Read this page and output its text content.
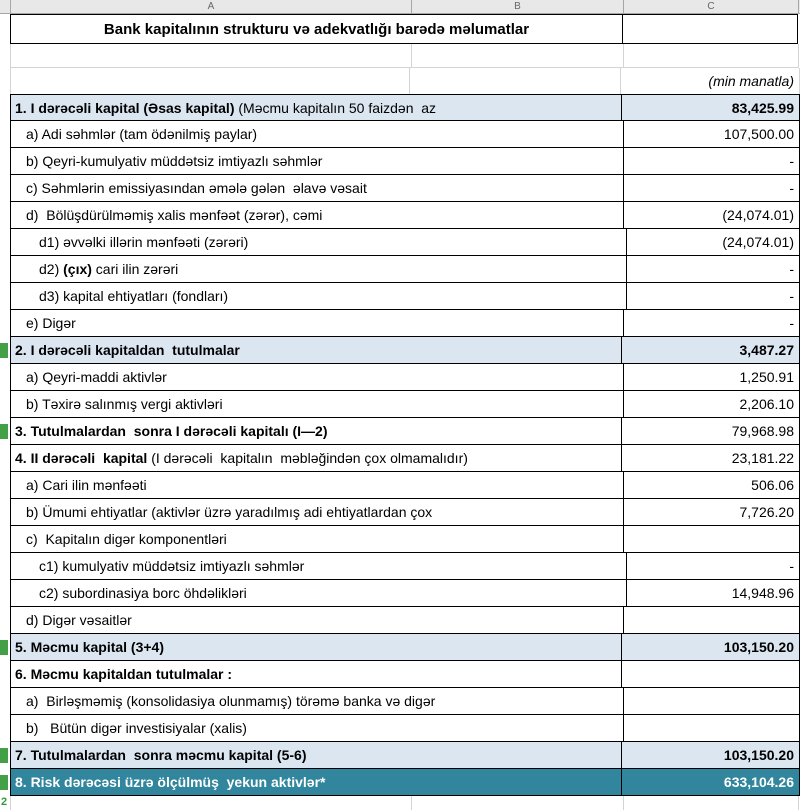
A	B	C
Bank kapitalının strukturu və adekvatlığı barədə məlumatlar
(min manatla)
1. I dərəcəli kapital (Əsas kapital) (Məcmu kapitalın 50 faizdən  az	83,425.99
a) Adi səhmlər (tam ödənilmiş paylar)	107,500.00
b) Qeyri-kumulyativ müddətsiz imtiyazlı səhmlər	-
c) Səhmlərin emissiyasından əmələ gələn  əlavə vəsait	-
d)  Bölüşdürülməmiş xalis mənfəət (zərər), cəmi	(24,074.01)
d1) əvvəlki illərin mənfəəti (zərəri)	(24,074.01)
d2) (çıx) cari ilin zərəri	-
d3) kapital ehtiyatları (fondları)	-
e) Digər	-
2. I dərəcəli kapitaldan  tutulmalar	3,487.27
a) Qeyri-maddi aktivlər	1,250.91
b) Təxirə salınmış vergi aktivləri	2,206.10
3. Tutulmalardan  sonra I dərəcəli kapitalı (I—2)	79,968.98
4. II dərəcəli  kapital (I dərəcəli  kapitalın  məbləğindən çox olmamalıdır)	23,181.22
a) Cari ilin mənfəəti	506.06
b) Ümumi ehtiyatlar (aktivlər üzrə yaradılmış adi ehtiyatlardan çox	7,726.20
c)  Kapitalın digər komponentləri
c1) kumulyativ müddətsiz imtiyazlı səhmlər	-
c2) subordinasiya borc öhdəlikləri	14,948.96
d) Digər vəsaitlər
5. Məcmu kapital (3+4)	103,150.20
6. Məcmu kapitaldan tutulmalar :
a)  Birləşməmiş (konsolidasiya olunmamış) törəmə banka və digər
b)   Bütün digər investisiyalar (xalis)
7. Tutulmalardan  sonra məcmu kapital (5-6)	103,150.20
8. Risk dərəcəsi üzrə ölçülmüş  yekun aktivlər*	633,104.26
2
